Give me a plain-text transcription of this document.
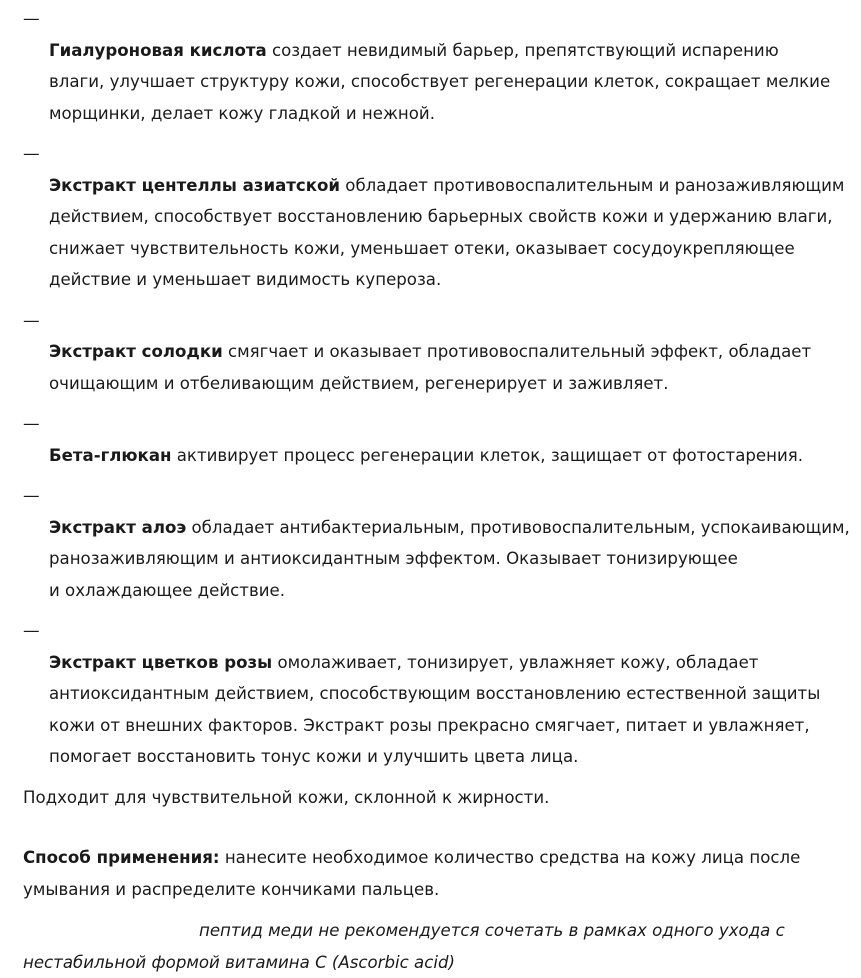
—
Гиалуроновая кислота создает невидимый барьер, препятствующий испарению
влаги, улучшает структуру кожи, способствует регенерации клеток, сокращает мелкие
морщинки, делает кожу гладкой и нежной.

—
Экстракт центеллы азиатской обладает противовоспалительным и ранозаживляющим
действием, способствует восстановлению барьерных свойств кожи и удержанию влаги,
снижает чувствительность кожи, уменьшает отеки, оказывает сосудоукрепляющее
действие и уменьшает видимость купероза.

—
Экстракт солодки смягчает и оказывает противовоспалительный эффект, обладает
очищающим и отбеливающим действием, регенерирует и заживляет.

—
Бета-глюкан активирует процесс регенерации клеток, защищает от фотостарения.

—
Экстракт алоэ обладает антибактериальным, противовоспалительным, успокаивающим,
ранозаживляющим и антиоксидантным эффектом. Оказывает тонизирующее
и охлаждающее действие.

—
Экстракт цветков розы омолаживает, тонизирует, увлажняет кожу, обладает
антиоксидантным действием, способствующим восстановлению естественной защиты
кожи от внешних факторов. Экстракт розы прекрасно смягчает, питает и увлажняет,
помогает восстановить тонус кожи и улучшить цвета лица.

Подходит для чувствительной кожи, склонной к жирности.
Способ применения: нанесите необходимое количество средства на кожу лица после
умывания и распределите кончиками пальцев.
пептид меди не рекомендуется сочетать в рамках одного ухода с
нестабильной формой витамина С (Ascorbic acid)
